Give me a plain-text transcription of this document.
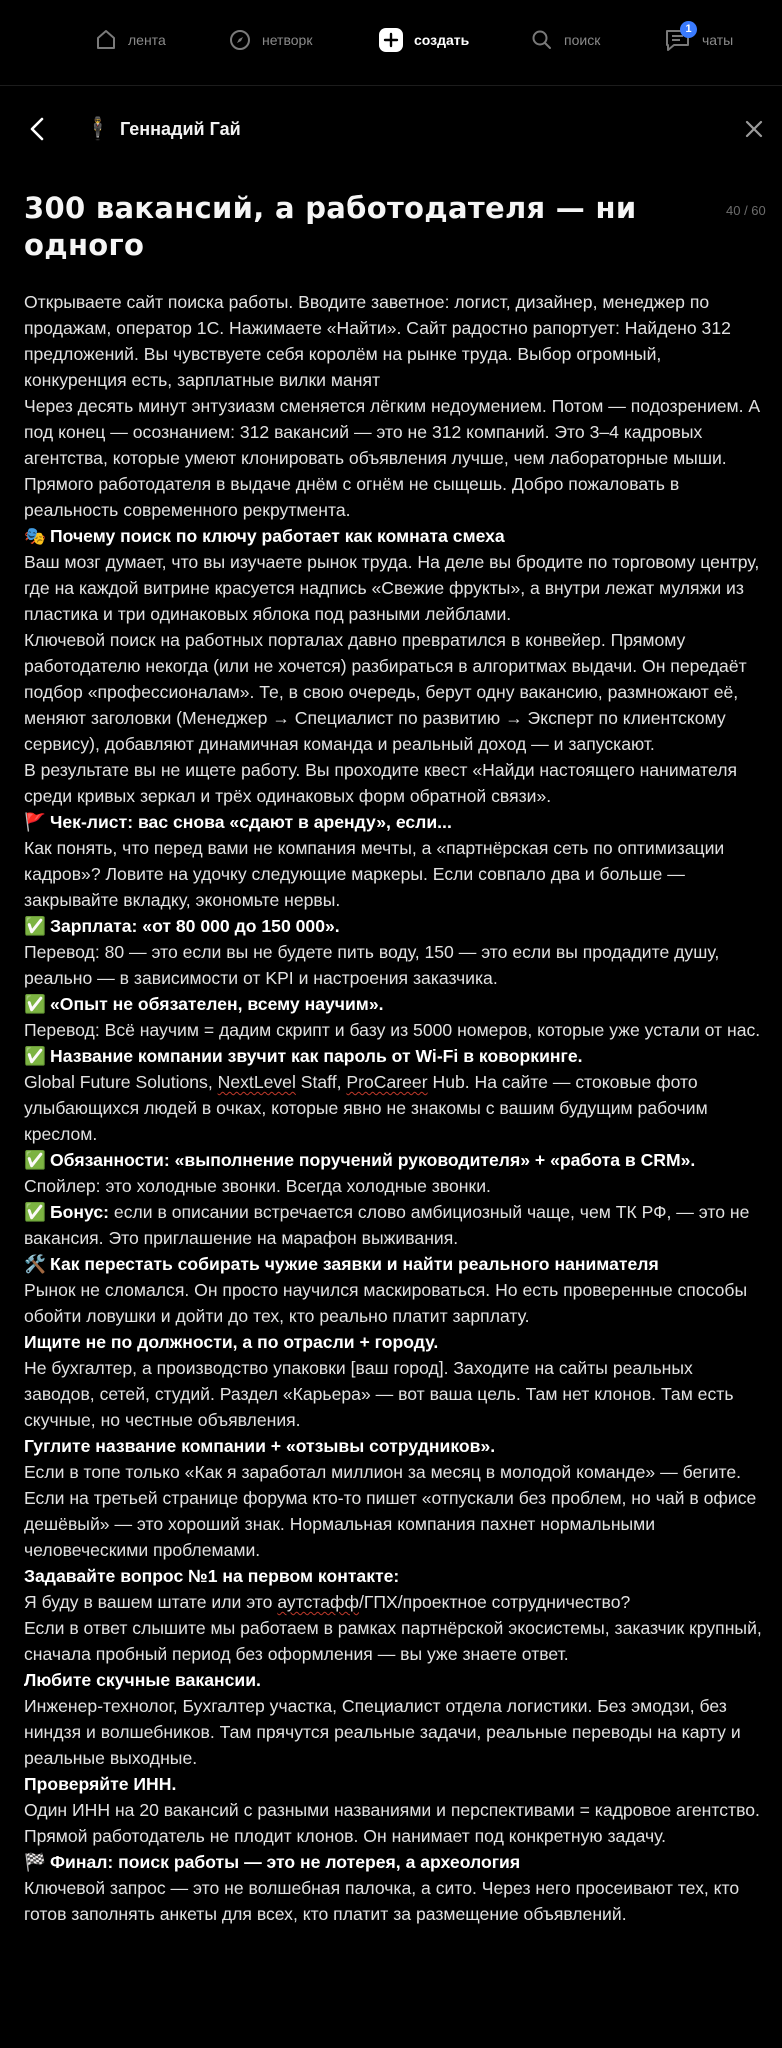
лента	нетворк	создать	поиск
1
чаты
🕴️ Геннадий Гай
300 вакансий, а работодателя — ни одного
40 / 60

Открываете сайт поиска работы. Вводите заветное: логист, дизайнер, менеджер по продажам, оператор 1С. Нажимаете «Найти». Сайт радостно рапортует: Найдено 312 предложений. Вы чувствуете себя королём на рынке труда. Выбор огромный, конкуренция есть, зарплатные вилки манят

Через десять минут энтузиазм сменяется лёгким недоумением. Потом — подозрением. А под конец — осознанием: 312 вакансий — это не 312 компаний. Это 3–4 кадровых агентства, которые умеют клонировать объявления лучше, чем лабораторные мыши. Прямого работодателя в выдаче днём с огнём не сыщешь. Добро пожаловать в реальность современного рекрутмента.

🎭 Почему поиск по ключу работает как комната смеха

Ваш мозг думает, что вы изучаете рынок труда. На деле вы бродите по торговому центру, где на каждой витрине красуется надпись «Свежие фрукты», а внутри лежат муляжи из пластика и три одинаковых яблока под разными лейблами.

Ключевой поиск на работных порталах давно превратился в конвейер. Прямому работодателю некогда (или не хочется) разбираться в алгоритмах выдачи. Он передаёт подбор «профессионалам». Те, в свою очередь, берут одну вакансию, размножают её, меняют заголовки (Менеджер → Специалист по развитию → Эксперт по клиентскому сервису), добавляют динамичная команда и реальный доход — и запускают.

В результате вы не ищете работу. Вы проходите квест «Найди настоящего нанимателя среди кривых зеркал и трёх одинаковых форм обратной связи».

🚩 Чек-лист: вас снова «сдают в аренду», если...

Как понять, что перед вами не компания мечты, а «партнёрская сеть по оптимизации кадров»? Ловите на удочку следующие маркеры. Если совпало два и больше — закрывайте вкладку, экономьте нервы.

✅ Зарплата: «от 80 000 до 150 000».

Перевод: 80 — это если вы не будете пить воду, 150 — это если вы продадите душу, реально — в зависимости от KPI и настроения заказчика.

✅ «Опыт не обязателен, всему научим».

Перевод: Всё научим = дадим скрипт и базу из 5000 номеров, которые уже устали от нас.

✅ Название компании звучит как пароль от Wi-Fi в коворкинге.

Global Future Solutions, NextLevel Staff, ProCareer Hub. На сайте — стоковые фото улыбающихся людей в очках, которые явно не знакомы с вашим будущим рабочим креслом.

✅ Обязанности: «выполнение поручений руководителя» + «работа в CRM».

Спойлер: это холодные звонки. Всегда холодные звонки.

✅ Бонус: если в описании встречается слово амбициозный чаще, чем ТК РФ, — это не вакансия. Это приглашение на марафон выживания.

🛠️ Как перестать собирать чужие заявки и найти реального нанимателя

Рынок не сломался. Он просто научился маскироваться. Но есть проверенные способы обойти ловушки и дойти до тех, кто реально платит зарплату.

Ищите не по должности, а по отрасли + городу.

Не бухгалтер, а производство упаковки [ваш город]. Заходите на сайты реальных заводов, сетей, студий. Раздел «Карьера» — вот ваша цель. Там нет клонов. Там есть скучные, но честные объявления.

Гуглите название компании + «отзывы сотрудников».

Если в топе только «Как я заработал миллион за месяц в молодой команде» — бегите. Если на третьей странице форума кто-то пишет «отпускали без проблем, но чай в офисе дешёвый» — это хороший знак. Нормальная компания пахнет нормальными человеческими проблемами.

Задавайте вопрос №1 на первом контакте:

Я буду в вашем штате или это аутстафф/ГПХ/проектное сотрудничество?

Если в ответ слышите мы работаем в рамках партнёрской экосистемы, заказчик крупный, сначала пробный период без оформления — вы уже знаете ответ.

Любите скучные вакансии.

Инженер-технолог, Бухгалтер участка, Специалист отдела логистики. Без эмодзи, без ниндзя и волшебников. Там прячутся реальные задачи, реальные переводы на карту и реальные выходные.

Проверяйте ИНН.

Один ИНН на 20 вакансий с разными названиями и перспективами = кадровое агентство. Прямой работодатель не плодит клонов. Он нанимает под конкретную задачу.

🏁 Финал: поиск работы — это не лотерея, а археология

Ключевой запрос — это не волшебная палочка, а сито. Через него просеивают тех, кто готов заполнять анкеты для всех, кто платит за размещение объявлений.
